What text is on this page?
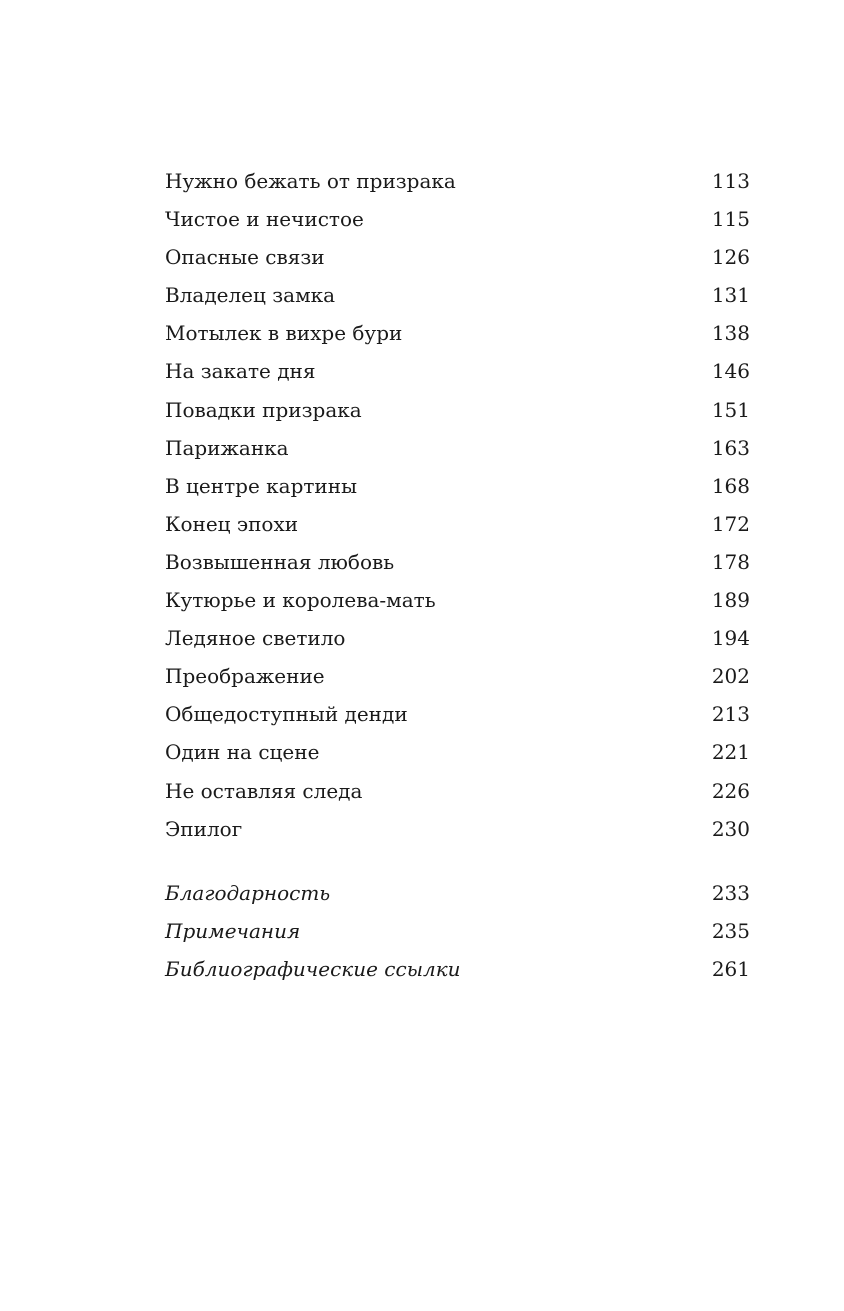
Нужно бежать от призрака	113
Чистое и нечистое	115
Опасные связи	126
Владелец замка	131
Мотылек в вихре бури	138
На закате дня	146
Повадки призрака	151
Парижанка	163
В центре картины	168
Конец эпохи	172
Возвышенная любовь	178
Кутюрье и королева-мать	189
Ледяное светило	194
Преображение	202
Общедоступный денди	213
Один на сцене	221
Не оставляя следа	226
Эпилог	230
Благодарность	233
Примечания	235
Библиографические ссылки	261
